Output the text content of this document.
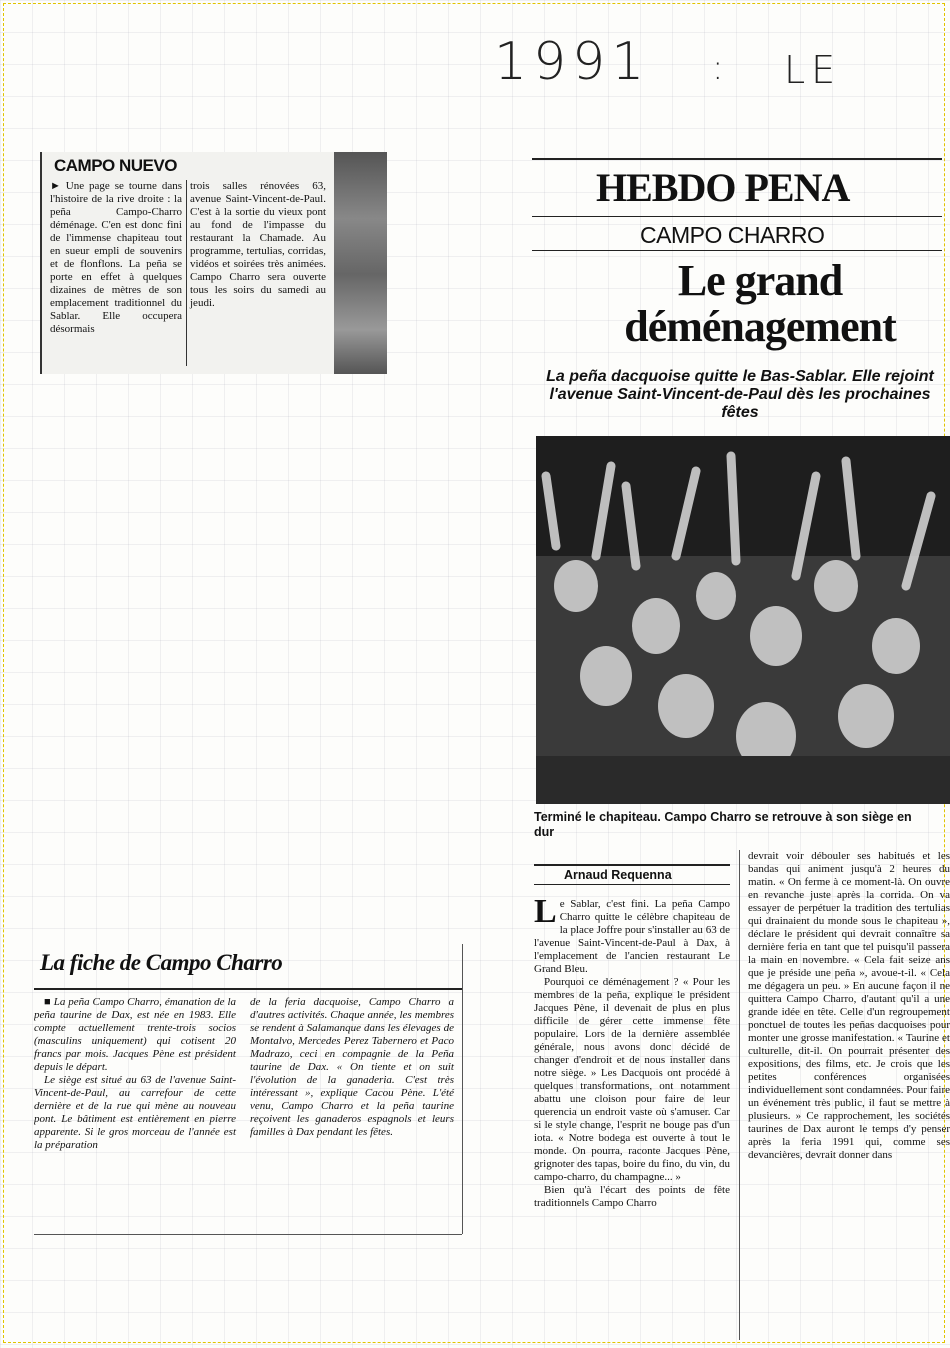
1991 : LE
CAMPO NUEVO
► Une page se tourne dans l'histoire de la rive droite : la peña Campo-Charro déménage. C'en est donc fini de l'immense chapiteau tout en sueur empli de souvenirs et de flonflons. La peña se porte en effet à quelques dizaines de mètres de son emplacement traditionnel du Sablar. Elle occupera désormais
trois salles rénovées 63, avenue Saint-Vincent-de-Paul. C'est à la sortie du vieux pont au fond de l'impasse du restaurant la Chamade. Au programme, tertulias, corridas, vidéos et soirées très animées. Campo Charro sera ouverte tous les soirs du samedi au jeudi.
La fiche de Campo Charro

■ La peña Campo Charro, émanation de la peña taurine de Dax, est née en 1983. Elle compte actuellement trente-trois socios (masculins uniquement) qui cotisent 20 francs par mois. Jacques Pène est président depuis le départ.

Le siège est situé au 63 de l'avenue Saint-Vincent-de-Paul, au carrefour de cette dernière et de la rue qui mène au nouveau pont. Le bâtiment est entièrement en pierre apparente. Si le gros morceau de l'année est la préparation

de la feria dacquoise, Campo Charro a d'autres activités. Chaque année, les membres se rendent à Salamanque dans les élevages de Montalvo, Mercedes Perez Tabernero et Paco Madrazo, ceci en compagnie de la Peña taurine de Dax. « On tiente et on suit l'évolution de la ganaderia. C'est très intéressant », explique Cacou Pène. L'été venu, Campo Charro et la peña taurine reçoivent les ganaderos espagnols et leurs familles à Dax pendant les fêtes.
HEBDO PENA
CAMPO CHARRO
Le grand
déménagement
La peña dacquoise quitte le Bas-Sablar. Elle rejoint
l'avenue Saint-Vincent-de-Paul dès les prochaines
fêtes
Terminé le chapiteau. Campo Charro se retrouve à son siège en
dur
Arnaud Requenna

Le Sablar, c'est fini. La peña Campo Charro quitte le célèbre chapiteau de la place Joffre pour s'installer au 63 de l'avenue Saint-Vincent-de-Paul à Dax, à l'emplacement de l'ancien restaurant Le Grand Bleu.

Pourquoi ce déménagement ? « Pour les membres de la peña, explique le président Jacques Pène, il devenait de plus en plus difficile de gérer cette immense fête populaire. Lors de la dernière assemblée générale, nous avons donc décidé de changer d'endroit et de nous installer dans notre siège. » Les Dacquois ont procédé à quelques transformations, ont notamment abattu une cloison pour faire de leur querencia un endroit vaste où s'amuser. Car si le style change, l'esprit ne bouge pas d'un iota. « Notre bodega est ouverte à tout le monde. On pourra, raconte Jacques Pène, grignoter des tapas, boire du fino, du vin, du campo-charro, du champagne... »

Bien qu'à l'écart des points de fête traditionnels Campo Charro

devrait voir débouler ses habitués et les bandas qui animent jusqu'à 2 heures du matin. « On ferme à ce moment-là. On ouvre en revanche juste après la corrida. On va essayer de perpétuer la tradition des tertulias qui drainaient du monde sous le chapiteau », déclare le président qui devrait connaître sa dernière feria en tant que tel puisqu'il passera la main en novembre. « Cela fait seize ans que je préside une peña », avoue-t-il. « Cela me dégagera un peu. » En aucune façon il ne quittera Campo Charro, d'autant qu'il a une grande idée en tête. Celle d'un regroupement ponctuel de toutes les peñas dacquoises pour monter une grosse manifestation. « Taurine et culturelle, dit-il. On pourrait présenter des expositions, des films, etc. Je crois que les petites conférences organisées individuellement sont condamnées. Pour faire un événement très public, il faut se mettre à plusieurs. » Ce rapprochement, les sociétés taurines de Dax auront le temps d'y penser après la feria 1991 qui, comme ses devancières, devrait donner dans
